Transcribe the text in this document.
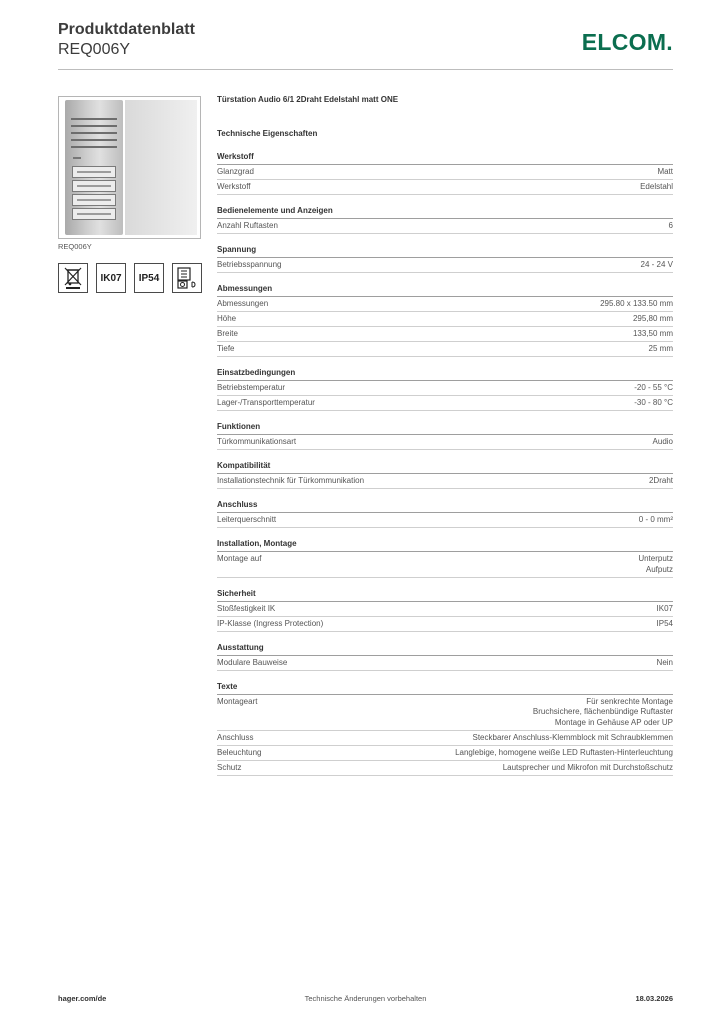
Produktdatenblatt
REQ006Y	ELCOM.
REQ006Y
IK07	IP54
Türstation Audio 6/1 2Draht Edelstahl matt ONE
Technische Eigenschaften
Werkstoff
Glanzgrad	Matt
Werkstoff	Edelstahl
Bedienelemente und Anzeigen
Anzahl Ruftasten	6
Spannung
Betriebsspannung	24 - 24 V
Abmessungen
Abmessungen	295.80 x 133.50 mm
Höhe	295,80 mm
Breite	133,50 mm
Tiefe	25 mm
Einsatzbedingungen
Betriebstemperatur	-20 - 55 °C
Lager-/Transporttemperatur	-30 - 80 °C
Funktionen
Türkommunikationsart	Audio
Kompatibilität
Installationstechnik für Türkommunikation	2Draht
Anschluss
Leiterquerschnitt	0 - 0 mm²
Installation, Montage
Montage auf	Unterputz
Aufputz
Sicherheit
Stoßfestigkeit IK	IK07
IP-Klasse (Ingress Protection)	IP54
Ausstattung
Modulare Bauweise	Nein
Texte
Montageart	Für senkrechte Montage
Bruchsichere, flächenbündige Ruftaster
Montage in Gehäuse AP oder UP
Anschluss	Steckbarer Anschluss-Klemmblock mit Schraubklemmen
Beleuchtung	Langlebige, homogene weiße LED Ruftasten-Hinterleuchtung
Schutz	Lautsprecher und Mikrofon mit Durchstoßschutz
hager.com/de	Technische Änderungen vorbehalten	18.03.2026
